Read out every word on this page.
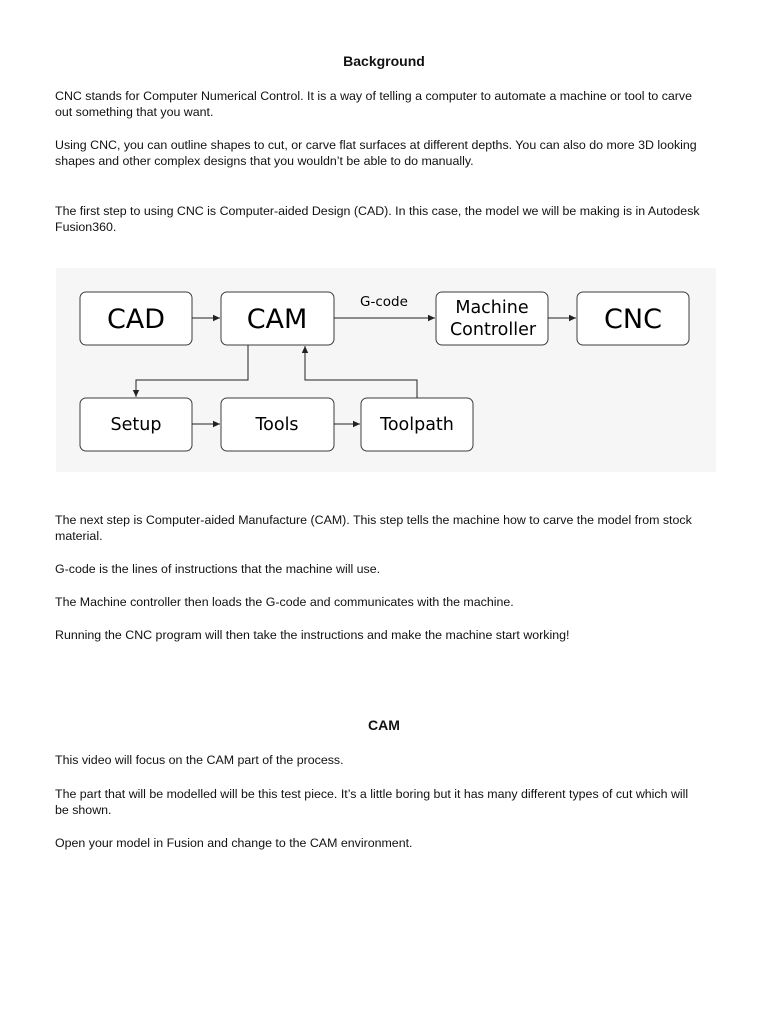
Background

CNC stands for Computer Numerical Control. It is a way of telling a computer to automate a machine or tool to carve out something that you want.

Using CNC, you can outline shapes to cut, or carve flat surfaces at different depths. You can also do more 3D looking shapes and other complex designs that you wouldn’t be able to do manually.

The first step to using CNC is Computer-aided Design (CAD). In this case, the model we will be making is in Autodesk Fusion360.

CAD	CAM	Machine
Controller	CNC
Setup	Tools	Toolpath
G-code

The next step is Computer-aided Manufacture (CAM). This step tells the machine how to carve the model from stock material.

G-code is the lines of instructions that the machine will use.

The Machine controller then loads the G-code and communicates with the machine.

Running the CNC program will then take the instructions and make the machine start working!

CAM

This video will focus on the CAM part of the process.

The part that will be modelled will be this test piece. It’s a little boring but it has many different types of cut which will be shown.

Open your model in Fusion and change to the CAM environment.
